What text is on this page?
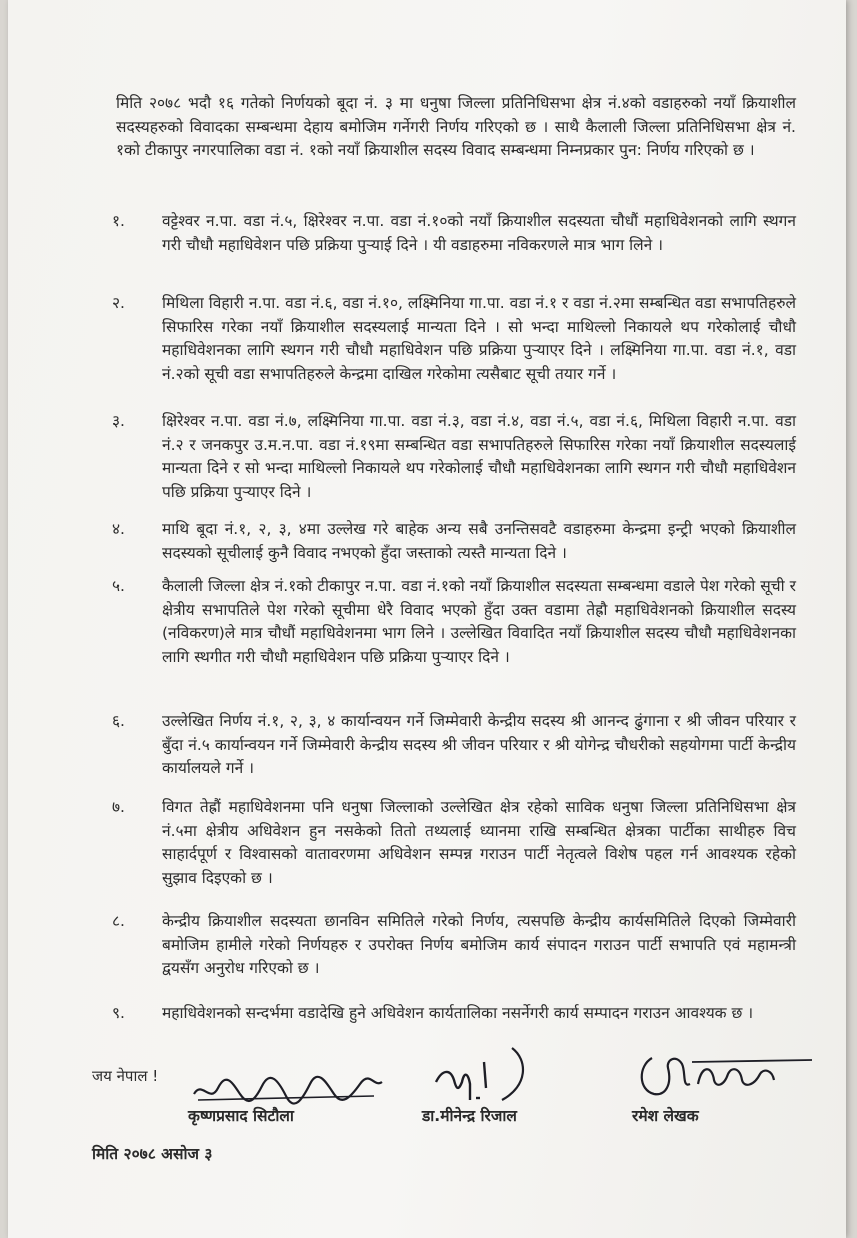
मिति २०७८ भदौ १६ गतेको निर्णयको बूदा नं. ३ मा धनुषा जिल्ला प्रतिनिधिसभा क्षेत्र नं.४को वडाहरुको नयाँ क्रियाशील सदस्यहरुको विवादका सम्बन्धमा देहाय बमोजिम गर्नेगरी निर्णय गरिएको छ । साथै कैलाली जिल्ला प्रतिनिधिसभा क्षेत्र नं. १को टीकापुर नगरपालिका वडा नं. १को नयाँ क्रियाशील सदस्य विवाद सम्बन्धमा निम्नप्रकार पुन: निर्णय गरिएको छ ।
१.	वट्टेश्वर न.पा. वडा नं.५, क्षिरेश्वर न.पा. वडा नं.१०को नयाँ क्रियाशील सदस्यता चौधौं महाधिवेशनको लागि स्थगन गरी चौधौ महाधिवेशन पछि प्रक्रिया पुर्‍याई दिने । यी वडाहरुमा नविकरणले मात्र भाग लिने ।
२.	मिथिला विहारी न.पा. वडा नं.६, वडा नं.१०, लक्ष्मिनिया गा.पा. वडा नं.१ र वडा नं.२मा सम्बन्धित वडा सभापतिहरुले सिफारिस गरेका नयाँ क्रियाशील सदस्यलाई मान्यता दिने । सो भन्दा माथिल्लो निकायले थप गरेकोलाई चौधौ महाधिवेशनका लागि स्थगन गरी चौधौ महाधिवेशन पछि प्रक्रिया पुर्‍याएर दिने । लक्ष्मिनिया गा.पा. वडा नं.१, वडा नं.२को सूची वडा सभापतिहरुले केन्द्रमा दाखिल गरेकोमा त्यसैबाट सूची तयार गर्ने ।
३.	क्षिरेश्वर न.पा. वडा नं.७, लक्ष्मिनिया गा.पा. वडा नं.३, वडा नं.४, वडा नं.५, वडा नं.६, मिथिला विहारी न.पा. वडा नं.२ र जनकपुर उ.म.न.पा. वडा नं.१९मा सम्बन्धित वडा सभापतिहरुले सिफारिस गरेका नयाँ क्रियाशील सदस्यलाई मान्यता दिने र सो भन्दा माथिल्लो निकायले थप गरेकोलाई चौधौ महाधिवेशनका लागि स्थगन गरी चौधौ महाधिवेशन पछि प्रक्रिया पुर्‍याएर दिने ।
४.	माथि बूदा नं.१, २, ३, ४मा उल्लेख गरे बाहेक अन्य सबै उनन्तिसवटै वडाहरुमा केन्द्रमा इन्ट्री भएको क्रियाशील सदस्यको सूचीलाई कुनै विवाद नभएको हुँदा जस्ताको त्यस्तै मान्यता दिने ।
५.	कैलाली जिल्ला क्षेत्र नं.१को टीकापुर न.पा. वडा नं.१को नयाँ क्रियाशील सदस्यता सम्बन्धमा वडाले पेश गरेको सूची र क्षेत्रीय सभापतिले पेश गरेको सूचीमा धेरै विवाद भएको हुँदा उक्त वडामा तेह्रौ महाधिवेशनको क्रियाशील सदस्य (नविकरण)ले मात्र चौधौं महाधिवेशनमा भाग लिने । उल्लेखित विवादित नयाँ क्रियाशील सदस्य चौधौ महाधिवेशनका लागि स्थगीत गरी चौधौ महाधिवेशन पछि प्रक्रिया पुर्‍याएर दिने ।
६.	उल्लेखित निर्णय नं.१, २, ३, ४ कार्यान्वयन गर्ने जिम्मेवारी केन्द्रीय सदस्य श्री आनन्द ढुंगाना र श्री जीवन परियार र बुँदा नं.५ कार्यान्वयन गर्ने जिम्मेवारी केन्द्रीय सदस्य श्री जीवन परियार र श्री योगेन्द्र चौधरीको सहयोगमा पार्टी केन्द्रीय कार्यालयले गर्ने ।
७.	विगत तेह्रौं महाधिवेशनमा पनि धनुषा जिल्लाको उल्लेखित क्षेत्र रहेको साविक धनुषा जिल्ला प्रतिनिधिसभा क्षेत्र नं.५मा क्षेत्रीय अधिवेशन हुन नसकेको तितो तथ्यलाई ध्यानमा राखि सम्बन्धित क्षेत्रका पार्टीका साथीहरु विच साहार्दपूर्ण र विश्वासको वातावरणमा अधिवेशन सम्पन्न गराउन पार्टी नेतृत्वले विशेष पहल गर्न आवश्यक रहेको सुझाव दिइएको छ ।
८.	केन्द्रीय क्रियाशील सदस्यता छानविन समितिले गरेको निर्णय, त्यसपछि केन्द्रीय कार्यसमितिले दिएको जिम्मेवारी बमोजिम हामीले गरेको निर्णयहरु र उपरोक्त निर्णय बमोजिम कार्य संपादन गराउन पार्टी सभापति एवं महामन्त्री द्वयसँग अनुरोध गरिएको छ ।
९.	महाधिवेशनको सन्दर्भमा वडादेखि हुने अधिवेशन कार्यतालिका नसर्नेगरी कार्य सम्पादन गराउन आवश्यक छ ।
जय नेपाल !
कृष्णप्रसाद सिटौला	डा.मीनेन्द्र रिजाल	रमेश लेखक
मिति २०७८ असोज ३
